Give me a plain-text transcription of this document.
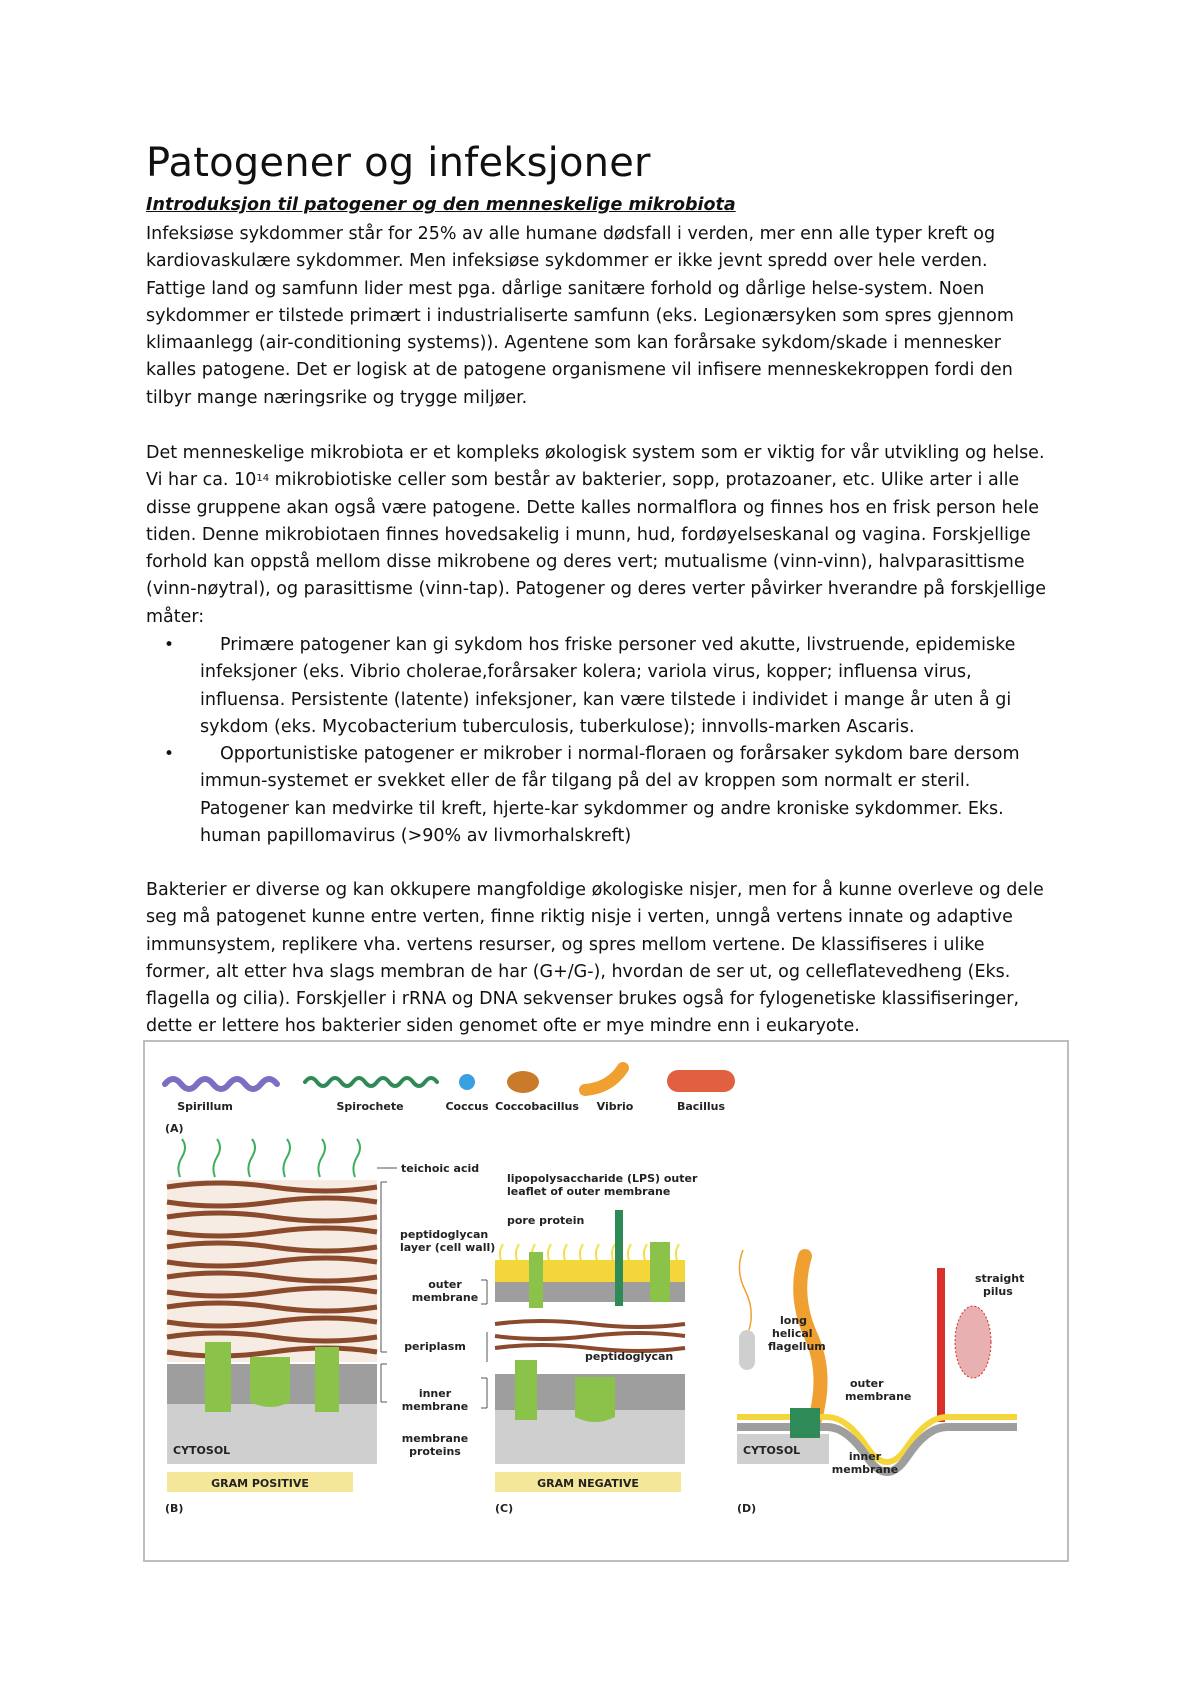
Patogener og infeksjoner
Introduksjon til patogener og den menneskelige mikrobiota
Infeksiøse sykdommer står for 25% av alle humane dødsfall i verden, mer enn alle typer kreft og
kardiovaskulære sykdommer. Men infeksiøse sykdommer er ikke jevnt spredd over hele verden.
Fattige land og samfunn lider mest pga. dårlige sanitære forhold og dårlige helse-system. Noen
sykdommer er tilstede primært i industrialiserte samfunn (eks. Legionærsyken som spres gjennom
klimaanlegg (air-conditioning systems)). Agentene som kan forårsake sykdom/skade i mennesker
kalles patogene. Det er logisk at de patogene organismene vil infisere menneskekroppen fordi den
tilbyr mange næringsrike og trygge miljøer.
Det menneskelige mikrobiota er et kompleks økologisk system som er viktig for vår utvikling og helse.
Vi har ca. $10^{14}$ mikrobiotiske celler som består av bakterier, sopp, protazoaner, etc. Ulike arter i alle
disse gruppene akan også være patogene. Dette kalles normalflora og finnes hos en frisk person hele
tiden. Denne mikrobiotaen finnes hovedsakelig i munn, hud, fordøyelseskanal og vagina. Forskjellige
forhold kan oppstå mellom disse mikrobene og deres vert; mutualisme (vinn-vinn), halvparasittisme
(vinn-nøytral), og parasittisme (vinn-tap). Patogener og deres verter påvirker hverandre på forskjellige
måter:
•	Primære patogener kan gi sykdom hos friske personer ved akutte, livstruende, epidemiske
infeksjoner (eks. Vibrio cholerae,forårsaker kolera; variola virus, kopper; influensa virus,
influensa. Persistente (latente) infeksjoner, kan være tilstede i individet i mange år uten å gi
sykdom (eks. Mycobacterium tuberculosis, tuberkulose); innvolls-marken Ascaris.
•	Opportunistiske patogener er mikrober i normal-floraen og forårsaker sykdom bare dersom
immun-systemet er svekket eller de får tilgang på del av kroppen som normalt er steril.
Patogener kan medvirke til kreft, hjerte-kar sykdommer og andre kroniske sykdommer. Eks.
human papillomavirus (>90% av livmorhalskreft)
Bakterier er diverse og kan okkupere mangfoldige økologiske nisjer, men for å kunne overleve og dele
seg må patogenet kunne entre verten, finne riktig nisje i verten, unngå vertens innate og adaptive
immunsystem, replikere vha. vertens resurser, og spres mellom vertene. De klassifiseres i ulike
former, alt etter hva slags membran de har (G+/G-), hvordan de ser ut, og celleflatevedheng (Eks.
flagella og cilia). Forskjeller i rRNA og DNA sekvenser brukes også for fylogenetiske klassifiseringer,
dette er lettere hos bakterier siden genomet ofte er mye mindre enn i eukaryote.
Spirillum	Spirochete	Coccus Coccobacillus Vibrio	Bacillus
(A)
CYTOSOL
GRAM POSITIVE
(B)
teichoic acid
peptidoglycan
layer (cell wall)
outer
membrane
periplasm
inner
membrane
membrane
proteins
lipopolysaccharide (LPS) outer
leaflet of outer membrane
pore protein
peptidoglycan
GRAM NEGATIVE
(C)
long
helical
flagellum
straight
pilus
outer
membrane
CYTOSOL	inner
membrane
(D)
